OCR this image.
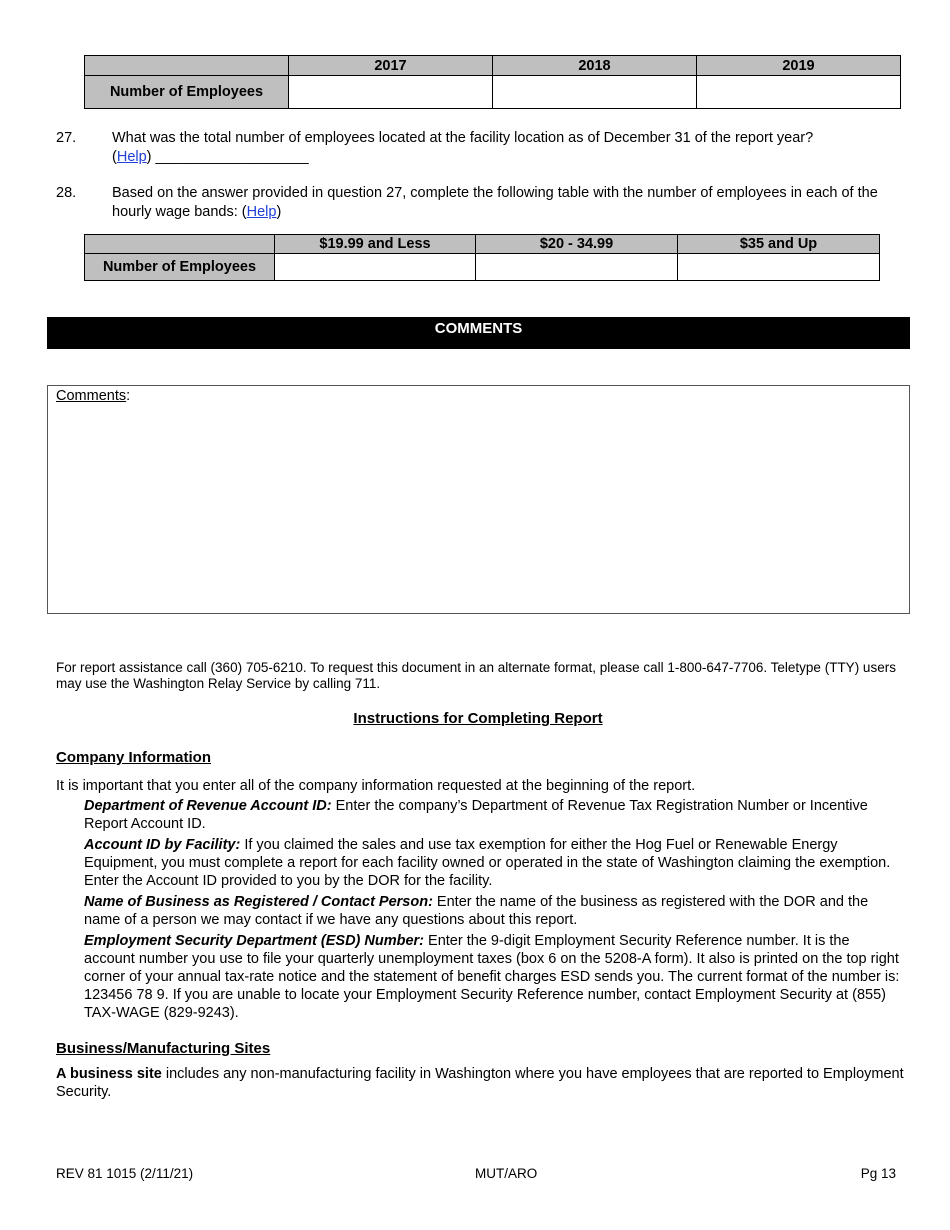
	2017	2018	2019
Number of Employees			
27. What was the total number of employees located at the facility location as of December 31 of the report year?
(Help) ___________________
28. Based on the answer provided in question 27, complete the following table with the number of employees in each of the hourly wage bands: (Help)
	$19.99 and Less	$20 - 34.99	$35 and Up
Number of Employees			
COMMENTS
Comments:
For report assistance call (360) 705-6210. To request this document in an alternate format, please call 1-800-647-7706. Teletype (TTY) users may use the Washington Relay Service by calling 711.
Instructions for Completing Report
Company Information
It is important that you enter all of the company information requested at the beginning of the report.
Department of Revenue Account ID: Enter the company’s Department of Revenue Tax Registration Number or Incentive Report Account ID.
Account ID by Facility: If you claimed the sales and use tax exemption for either the Hog Fuel or Renewable Energy Equipment, you must complete a report for each facility owned or operated in the state of Washington claiming the exemption. Enter the Account ID provided to you by the DOR for the facility.
Name of Business as Registered / Contact Person: Enter the name of the business as registered with the DOR and the name of a person we may contact if we have any questions about this report.
Employment Security Department (ESD) Number: Enter the 9-digit Employment Security Reference number. It is the account number you use to file your quarterly unemployment taxes (box 6 on the 5208-A form). It also is printed on the top right corner of your annual tax-rate notice and the statement of benefit charges ESD sends you. The current format of the number is: 123456 78 9. If you are unable to locate your Employment Security Reference number, contact Employment Security at (855) TAX-WAGE (829-9243).
Business/Manufacturing Sites
A business site includes any non-manufacturing facility in Washington where you have employees that are reported to Employment Security.
REV 81 1015 (2/11/21)	MUT/ARO	Pg 13
